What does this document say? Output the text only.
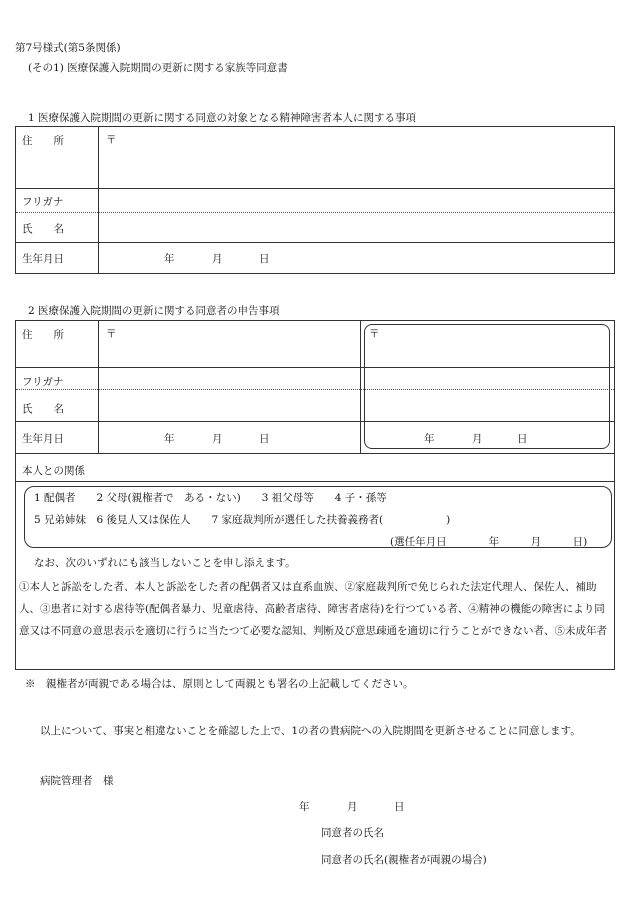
第7号様式(第5条関係)
(その1) 医療保護入院期間の更新に関する家族等同意書
1 医療保護入院期間の更新に関する同意の対象となる精神障害者本人に関する事項
住　　所	〒
フリガナ
氏　　名
生年月日	年	月	日
2 医療保護入院期間の更新に関する同意者の申告事項
住　　所	〒	〒
フリガナ
氏　　名
生年月日	年	月	日	年	月	日
本人との関係
1 配偶者　　2 父母(親権者で　ある・ない)　　3 祖父母等　　4 子・孫等
5 兄弟姉妹　6 後見人又は保佐人　　7 家庭裁判所が選任した扶養義務者(　　　　　　)
(選任年月日　　　　年　　　月　　　日)
なお、次のいずれにも該当しないことを申し添えます。
①本人と訴訟をした者、本人と訴訟をした者の配偶者又は直系血族、②家庭裁判所で免じられた法定代理人、保佐人、補助人、③患者に対する虐待等(配偶者暴力、児童虐待、高齢者虐待、障害者虐待)を行つている者、④精神の機能の障害により同意又は不同意の意思表示を適切に行うに当たつて必要な認知、判断及び意思疎通を適切に行うことができない者、⑤未成年者
※　親権者が両親である場合は、原則として両親とも署名の上記載してください。
以上について、事実と相違ないことを確認した上で、1の者の貴病院への入院期間を更新させることに同意します。
病院管理者　様
年	月	日
同意者の氏名
同意者の氏名(親権者が両親の場合)
